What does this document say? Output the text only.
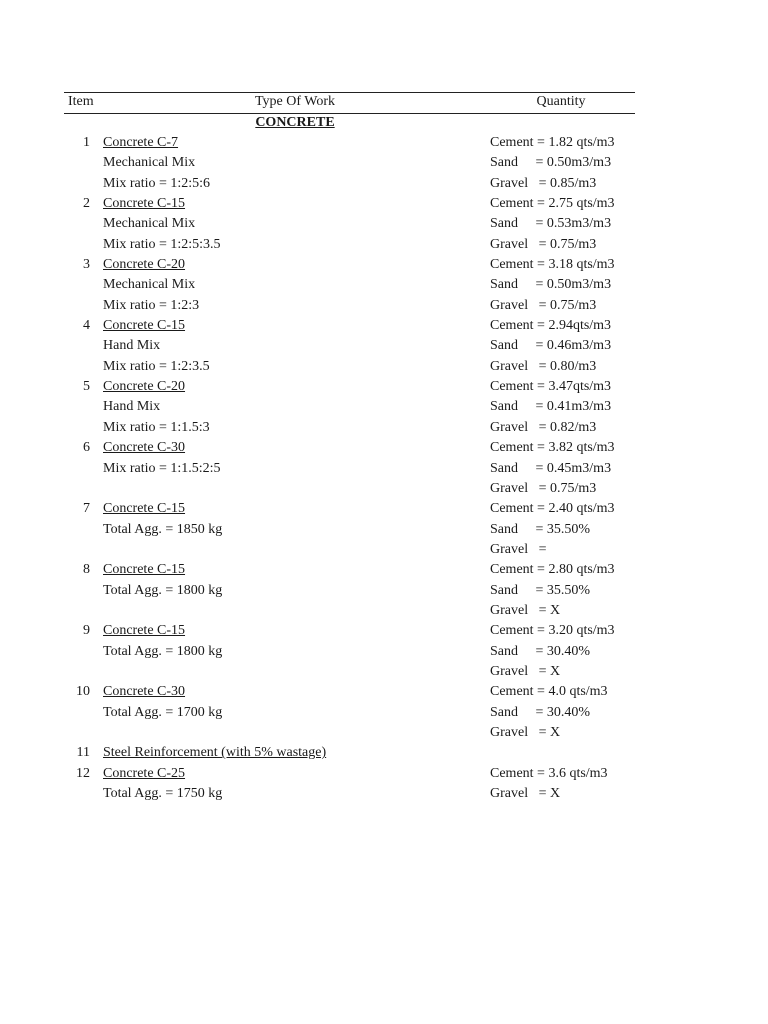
Item	Type Of Work	Quantity
CONCRETE
1 Concrete C-7	Cement = 1.82 qts/m3
Mechanical Mix	Sand     = 0.50m3/m3
Mix ratio = 1:2:5:6	Gravel   = 0.85/m3
2 Concrete C-15	Cement = 2.75 qts/m3
Mechanical Mix	Sand     = 0.53m3/m3
Mix ratio = 1:2:5:3.5	Gravel   = 0.75/m3
3 Concrete C-20	Cement = 3.18 qts/m3
Mechanical Mix	Sand     = 0.50m3/m3
Mix ratio = 1:2:3	Gravel   = 0.75/m3
4 Concrete C-15	Cement = 2.94qts/m3
Hand Mix	Sand     = 0.46m3/m3
Mix ratio = 1:2:3.5	Gravel   = 0.80/m3
5 Concrete C-20	Cement = 3.47qts/m3
Hand Mix	Sand     = 0.41m3/m3
Mix ratio = 1:1.5:3	Gravel   = 0.82/m3
6 Concrete C-30	Cement = 3.82 qts/m3
Mix ratio = 1:1.5:2:5	Sand     = 0.45m3/m3
Gravel   = 0.75/m3
7 Concrete C-15	Cement = 2.40 qts/m3
Total Agg. = 1850 kg	Sand     = 35.50%
Gravel   =
8 Concrete C-15	Cement = 2.80 qts/m3
Total Agg. = 1800 kg	Sand     = 35.50%
Gravel   = X
9 Concrete C-15	Cement = 3.20 qts/m3
Total Agg. = 1800 kg	Sand     = 30.40%
Gravel   = X
10 Concrete C-30	Cement = 4.0 qts/m3
Total Agg. = 1700 kg	Sand     = 30.40%
Gravel   = X
11 Steel Reinforcement (with 5% wastage)
12 Concrete C-25	Cement = 3.6 qts/m3
Total Agg. = 1750 kg	Gravel   = X
